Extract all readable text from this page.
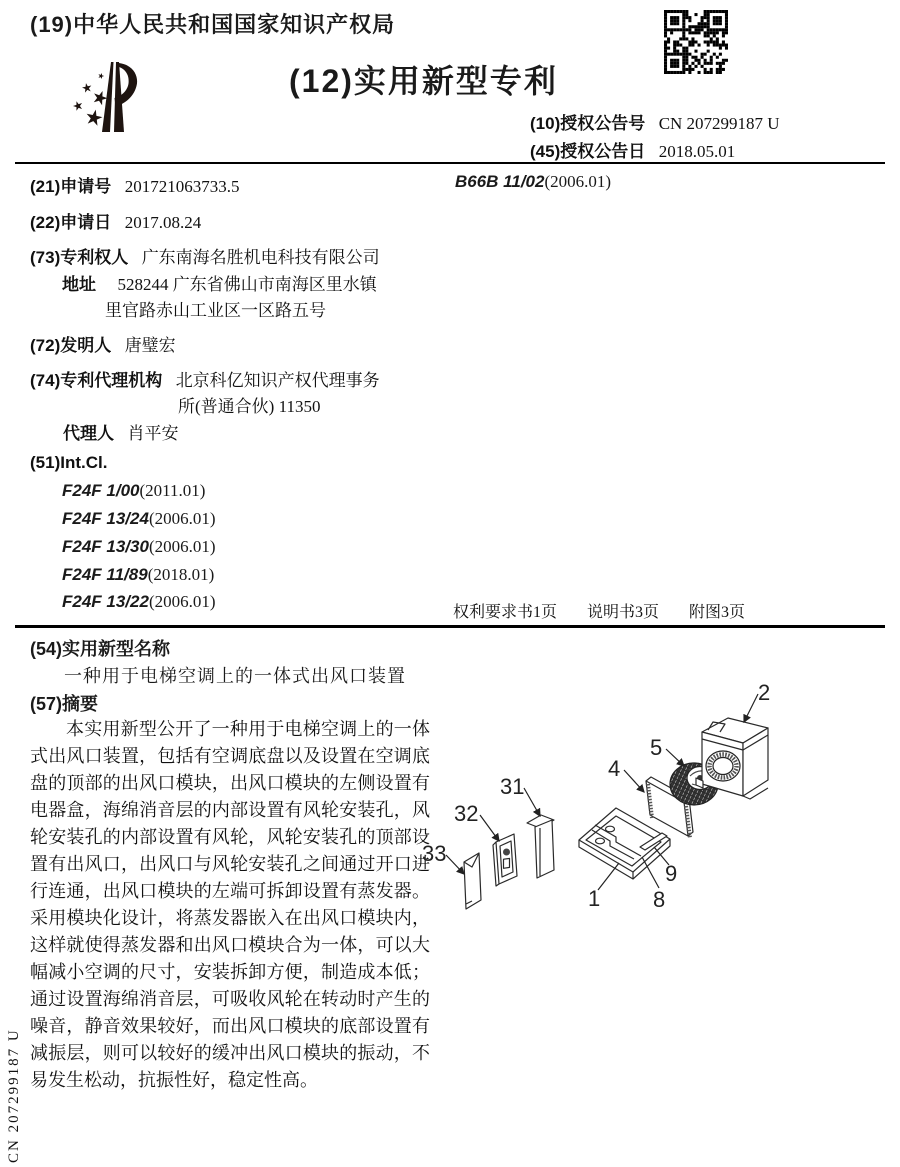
(19)中华人民共和国国家知识产权局
(12)实用新型专利
(10)授权公告号 CN 207299187 U
(45)授权公告日 2018.05.01
(21)申请号 201721063733.5	B66B 11/02(2006.01)
(22)申请日 2017.08.24
(73)专利权人 广东南海名胜机电科技有限公司
地址 528244 广东省佛山市南海区里水镇
里官路赤山工业区一区路五号
(72)发明人 唐璧宏
(74)专利代理机构 北京科亿知识产权代理事务
所(普通合伙) 11350
代理人 肖平安
(51)Int.Cl.
F24F 1/00(2011.01)
F24F 13/24(2006.01)
F24F 13/30(2006.01)
F24F 11/89(2018.01)
F24F 13/22(2006.01)
权利要求书1页 说明书3页 附图3页
(54)实用新型名称
一种用于电梯空调上的一体式出风口装置
(57)摘要
本实用新型公开了一种用于电梯空调上的一体式出风口装置，包括有空调底盘以及设置在空调底盘的顶部的出风口模块，出风口模块的左侧设置有电器盒，海绵消音层的内部设置有风轮安装孔，风轮安装孔的内部设置有风轮，风轮安装孔的顶部设置有出风口，出风口与风轮安装孔之间通过开口进行连通，出风口模块的左端可拆卸设置有蒸发器。采用模块化设计，将蒸发器嵌入在出风口模块内，这样就使得蒸发器和出风口模块合为一体，可以大幅减小空调的尺寸，安装拆卸方便，制造成本低；通过设置海绵消音层，可吸收风轮在转动时产生的噪音，静音效果较好，而出风口模块的底部设置有减振层，则可以较好的缓冲出风口模块的振动，不易发生松动，抗振性好，稳定性高。
2
5
4
31
32
33
1 8
9
CN 207299187 U
